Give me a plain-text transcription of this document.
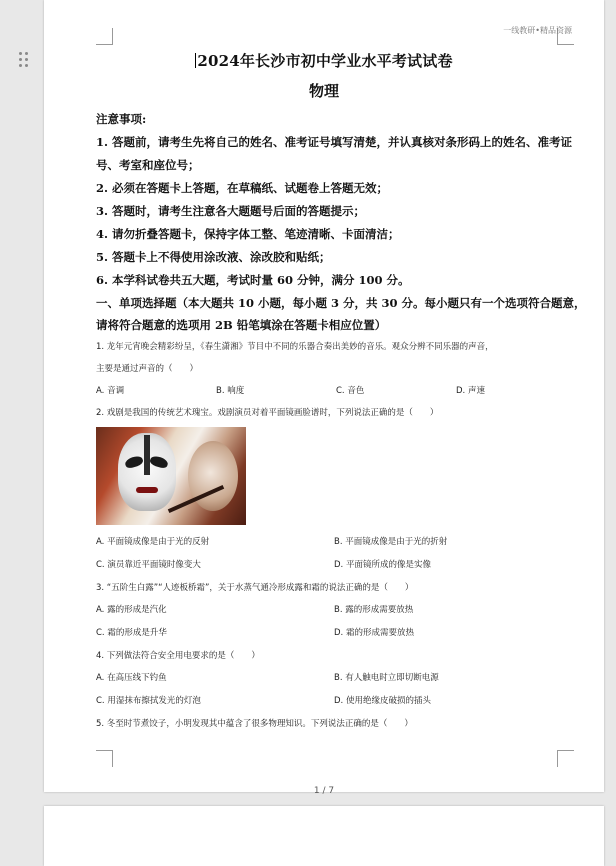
一线教研•精品资源
2024年长沙市初中学业水平考试试卷
物理

注意事项:

1. 答题前，请考生先将自己的姓名、准考证号填写清楚，并认真核对条形码上的姓名、准考证号、考室和座位号；

2. 必须在答题卡上答题，在草稿纸、试题卷上答题无效；

3. 答题时，请考生注意各大题题号后面的答题提示；

4. 请勿折叠答题卡，保持字体工整、笔迹清晰、卡面清洁；

5. 答题卡上不得使用涂改液、涂改胶和贴纸；

6. 本学科试卷共五大题，考试时量 60 分钟，满分 100 分。

一、单项选择题（本大题共 10 小题，每小题 3 分，共 30 分。每小题只有一个选项符合题意，

请将符合题意的选项用 2B 铅笔填涂在答题卡相应位置）

1. 龙年元宵晚会精彩纷呈，《春生潇湘》节目中不同的乐器合奏出美妙的音乐。观众分辨不同乐器的声音，

主要是通过声音的（　　）

A. 音调	B. 响度	C. 音色	D. 声速

2. 戏剧是我国的传统艺术瑰宝。戏剧演员对着平面镜画脸谱时，下列说法正确的是（　　）

A. 平面镜成像是由于光的反射	B. 平面镜成像是由于光的折射
C. 演员靠近平面镜时像变大	D. 平面镜所成的像是实像

3. “五阶生白露”“人迹板桥霜”，关于水蒸气通冷形成露和霜的说法正确的是（　　）

A. 露的形成是汽化	B. 露的形成需要放热
C. 霜的形成是升华	D. 霜的形成需要放热

4. 下列做法符合安全用电要求的是（　　）

A. 在高压线下钓鱼	B. 有人触电时立即切断电源
C. 用湿抹布擦拭发光的灯泡	D. 使用绝缘皮破损的插头

5. 冬至时节煮饺子，小明发现其中蕴含了很多物理知识。下列说法正确的是（　　）

1 / 7
